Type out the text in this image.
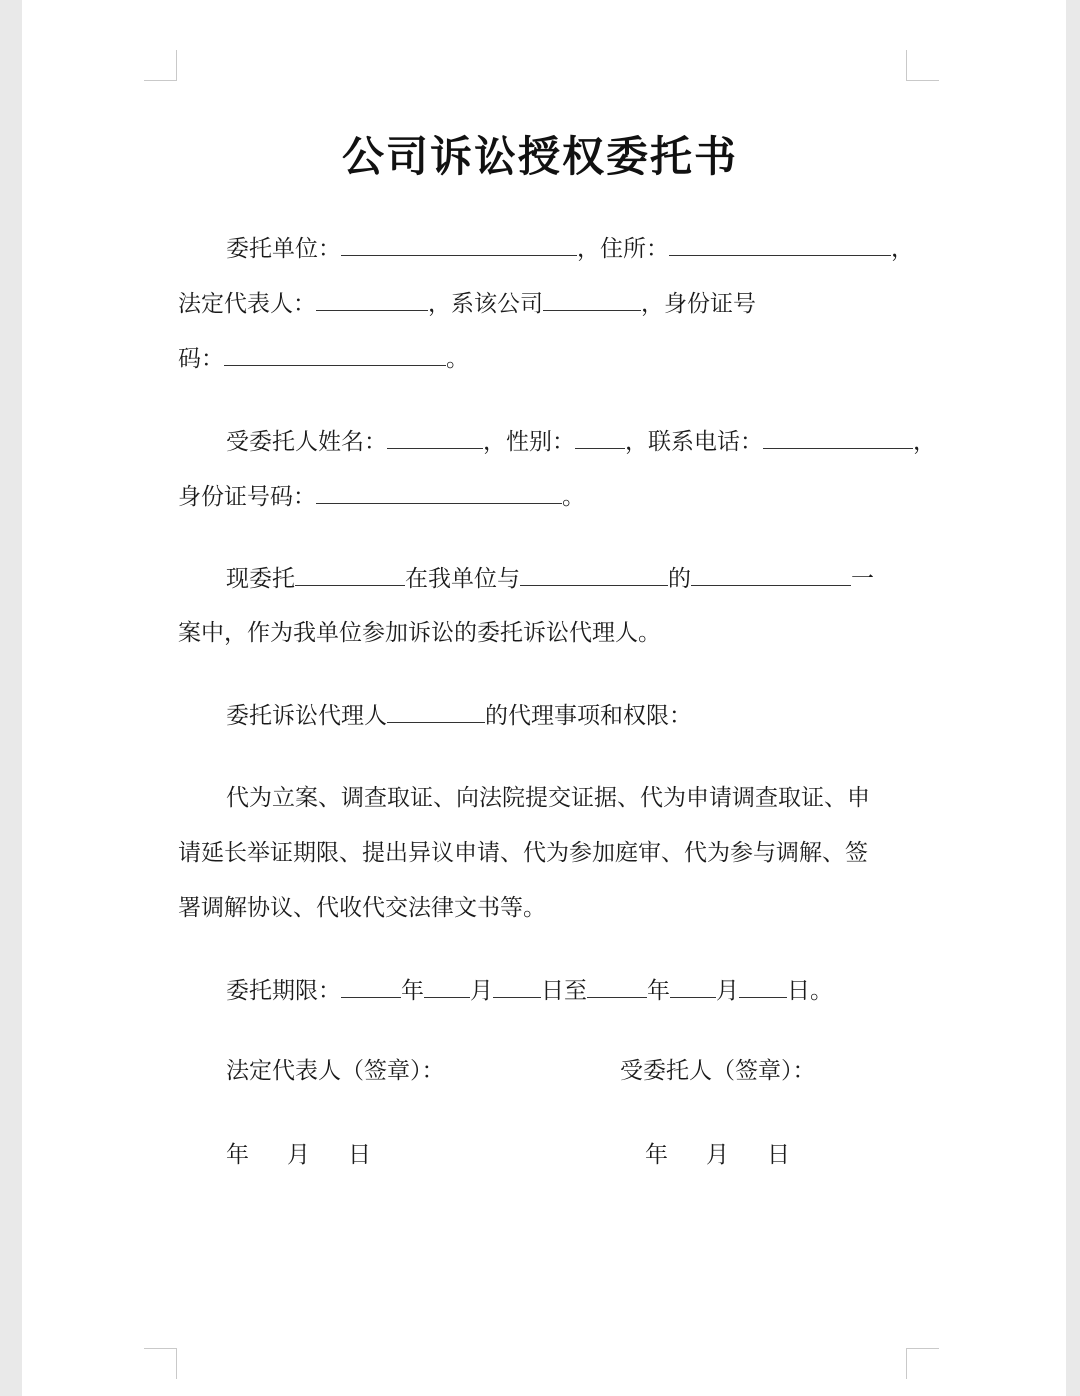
公司诉讼授权委托书
委托单位：	，住所：	，
法定代表人：	，系该公司	，身份证号
码：	。
受委托人姓名：	，性别： ，联系电话：	，
身份证号码：	。
现委托	在我单位与	的	一
案中，作为我单位参加诉讼的委托诉讼代理人。
委托诉讼代理人	的代理事项和权限：
代为立案、调查取证、向法院提交证据、代为申请调查取证、申
请延长举证期限、提出异议申请、代为参加庭审、代为参与调解、签
署调解协议、代收代交法律文书等。
委托期限：	年 月 日至	年 月 日。
法定代表人（签章）：	受委托人（签章）：
年 月 日	年 月 日
